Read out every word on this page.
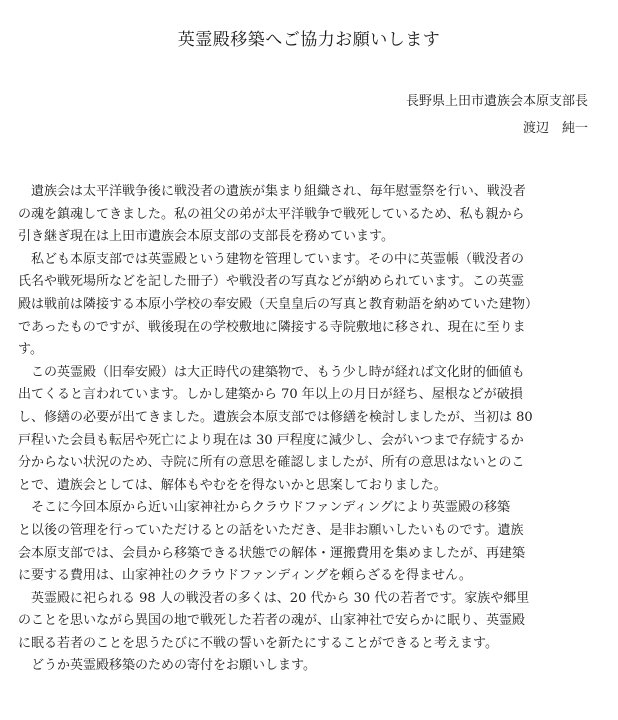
英霊殿移築へご協力お願いします
長野県上田市遺族会本原支部長
渡辺　純一

遺族会は太平洋戦争後に戦没者の遺族が集まり組織され、毎年慰霊祭を行い、戦没者
の魂を鎮魂してきました。私の祖父の弟が太平洋戦争で戦死しているため、私も親から
引き継ぎ現在は上田市遺族会本原支部の支部長を務めています。

私ども本原支部では英霊殿という建物を管理しています。その中に英霊帳（戦没者の
氏名や戦死場所などを記した冊子）や戦没者の写真などが納められています。この英霊
殿は戦前は隣接する本原小学校の奉安殿（天皇皇后の写真と教育勅語を納めていた建物）
であったものですが、戦後現在の学校敷地に隣接する寺院敷地に移され、現在に至りま
す。

この英霊殿（旧奉安殿）は大正時代の建築物で、もう少し時が経れば文化財的価値も
出てくると言われています。しかし建築から 70 年以上の月日が経ち、屋根などが破損
し、修繕の必要が出てきました。遺族会本原支部では修繕を検討しましたが、当初は 80
戸程いた会員も転居や死亡により現在は 30 戸程度に減少し、会がいつまで存続するか
分からない状況のため、寺院に所有の意思を確認しましたが、所有の意思はないとのこ
とで、遺族会としては、解体もやむをを得ないかと思案しておりました。

そこに今回本原から近い山家神社からクラウドファンディングにより英霊殿の移築
と以後の管理を行っていただけるとの話をいただき、是非お願いしたいものです。遺族
会本原支部では、会員から移築できる状態での解体・運搬費用を集めましたが、再建築
に要する費用は、山家神社のクラウドファンディングを頼らざるを得ません。

英霊殿に祀られる 98 人の戦没者の多くは、20 代から 30 代の若者です。家族や郷里
のことを思いながら異国の地で戦死した若者の魂が、山家神社で安らかに眠り、英霊殿
に眠る若者のことを思うたびに不戦の誓いを新たにすることができると考えます。

どうか英霊殿移築のための寄付をお願いします。
